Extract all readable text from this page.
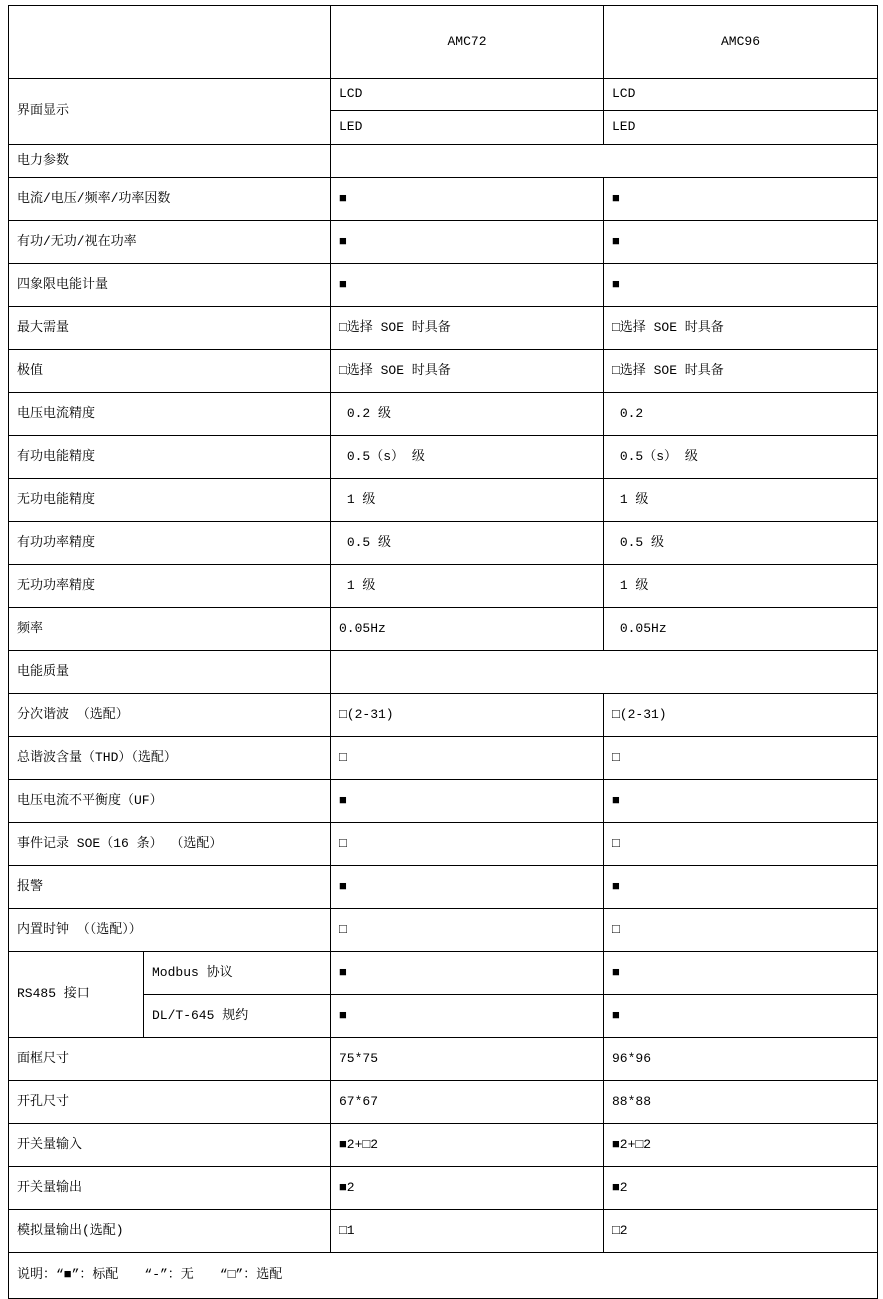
		AMC72	AMC96
界面显示		LCD	LCD
		LED	LED
电力参数			
电流/电压/频率/功率因数		■	■
有功/无功/视在功率		■	■
四象限电能计量		■	■
最大需量		□选择 SOE 时具备	□选择 SOE 时具备
极值		□选择 SOE 时具备	□选择 SOE 时具备
电压电流精度		0.2 级	0.2
有功电能精度		0.5（s） 级	0.5（s） 级
无功电能精度		1 级	1 级
有功功率精度		0.5 级	0.5 级
无功功率精度		1 级	1 级
频率		0.05Hz	0.05Hz
电能质量			
分次谐波 （选配）		□(2-31)	□(2-31)
总谐波含量（THD）（选配）		□	□
电压电流不平衡度（UF）		■	■
事件记录 SOE（16 条） （选配）		□	□
报警		■	■
内置时钟 （（选配））		□	□
RS485 接口	Modbus 协议	■	■
	DL/T-645 规约	■	■
面框尺寸		75*75	96*96
开孔尺寸		67*67	88*88
开关量输入		■2+□2	■2+□2
开关量输出		■2	■2
模拟量输出(选配)		□1	□2
说明：“■”：标配　　“-”：无　　“□”：选配			
